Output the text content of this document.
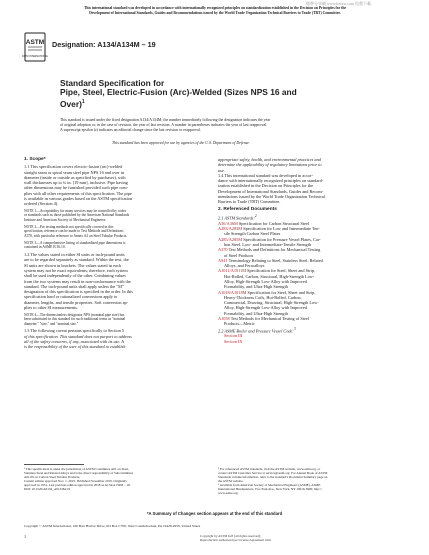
標準分享網 www.bzfxw.com 免費下載
This international standard was developed in accordance with internationally recognized principles on standardization established in the Decision on Principles for the
Development of International Standards, Guides and Recommendations issued by the World Trade Organization Technical Barriers to Trade (TBT) Committee.
ASTM
ASTM INTERNATIONAL
Designation: A134/A134M – 19
Standard Specification for
Pipe, Steel, Electric-Fusion (Arc)-Welded (Sizes NPS 16 and
Over)$^1$
This standard is issued under the fixed designation A134/A134M; the number immediately following the designation indicates the year
of original adoption or, in the case of revision, the year of last revision. A number in parentheses indicates the year of last reapproval.
A superscript epsilon (ε) indicates an editorial change since the last revision or reapproval.
This standard has been approved for use by agencies of the U.S. Department of Defense.
1. Scope*
1.1 This specification covers electric-fusion (arc)-welded
straight seam or spiral seam steel pipe NPS 16 and over in
diameter (inside or outside as specified by purchaser), with
wall thicknesses up to ¾ in. [19 mm], inclusive. Pipe having
other dimensions may be furnished provided such pipe com-
plies with all other requirements of this specification. The pipe
is available in various grades based on the ASTM specification
ordered (Section 4).
NOTE 1—Acceptability for many services may be controlled by codes
or standards such as those published by the American National Standards
Institute and American Society of Mechanical Engineers.
NOTE 2—For testing methods not specifically covered in this
specification, reference can be made to Test Methods and Definitions
A370, with particular reference to Annex A2 on Steel Tubular Products.
NOTE 3—A comprehensive listing of standardized pipe dimensions is
contained in ASME B 36.10.
1.2 The values stated in either SI units or inch-pound units
are to be regarded separately as standard. Within the text, the
SI units are shown in brackets. The values stated in each
system may not be exact equivalents; therefore, each system
shall be used independently of the other. Combining values
from the two systems may result in non-conformance with the
standard. The inch-pound units shall apply unless the "M"
designation of this specification is specified in the order. In this
specification hard or rationalized conversions apply to
diameter, lengths, and tensile properties. Soft conversion ap-
plies to other SI measurements.
NOTE 4—The dimensionless designator NPS (nominal pipe size) has
been substituted in this standard for such traditional terms as "nominal
diameter," "size," and "nominal size."
1.3 The following caveat pertains specifically to Section 5
of this specification. This standard does not purport to address
all of the safety concerns, if any, associated with its use. It
is the responsibility of the user of this standard to establish
appropriate safety, health, and environmental practices and
determine the applicability of regulatory limitations prior to
use.
1.4 This international standard was developed in accor-
dance with internationally recognized principles on standard-
ization established in the Decision on Principles for the
Development of International Standards, Guides and Recom-
mendations issued by the World Trade Organization Technical
Barriers to Trade (TBT) Committee.
2. Referenced Documents
2.1 ASTM Standards:$^2$
A36/A36M Specification for Carbon Structural Steel
A283/A283M Specification for Low and Intermediate Ten-
sile Strength Carbon Steel Plates
A285/A285M Specification for Pressure Vessel Plates, Car-
bon Steel, Low- and Intermediate-Tensile Strength
A370 Test Methods and Definitions for Mechanical Testing
of Steel Products
A941 Terminology Relating to Steel, Stainless Steel, Related
Alloys, and Ferroalloys
A1011/A1011M Specification for Steel, Sheet and Strip,
Hot-Rolled, Carbon, Structural, High-Strength Low-
Alloy, High-Strength Low-Alloy with Improved
Formability, and Ultra-High Strength
A1018/A1018M Specification for Steel, Sheet and Strip,
Heavy-Thickness Coils, Hot-Rolled, Carbon,
Commercial, Drawing, Structural, High-Strength Low-
Alloy, High-Strength Low-Alloy with Improved
Formability, and Ultra-High Strength
A1058 Test Methods for Mechanical Testing of Steel
Products—Metric
2.2 ASME Boiler and Pressure Vessel Code:$^3$
Section III
Section IX
¹ This specification is under the jurisdiction of ASTM Committee A01 on Steel,
Stainless Steel and Related Alloys and is the direct responsibility of Subcommittee
A01.09 on Carbon Steel Tubular Products.
Current edition approved Nov. 1, 2019. Published November 2019. Originally
approved in 1931. Last previous edition approved in 2018 as A134/A134M – 18.
DOI: 10.1520/A0134_A0134M-19
² For referenced ASTM standards, visit the ASTM website, www.astm.org, or
contact ASTM Customer Service at service@astm.org. For Annual Book of ASTM
Standards volume information, refer to the standard's Document Summary page on
the ASTM website.
³ Available from American Society of Mechanical Engineers (ASME), ASME
International Headquarters, Two Park Ave., New York, NY 10016-5990, http://
www.asme.org.
*A Summary of Changes section appears at the end of this standard
Copyright © ASTM International, 100 Barr Harbor Drive, PO Box C700, West Conshohocken, PA 19428-2959. United States
1	Copyright by ASTM Int'l (all rights reserved);
Reproduction authorized per License Agreement with
